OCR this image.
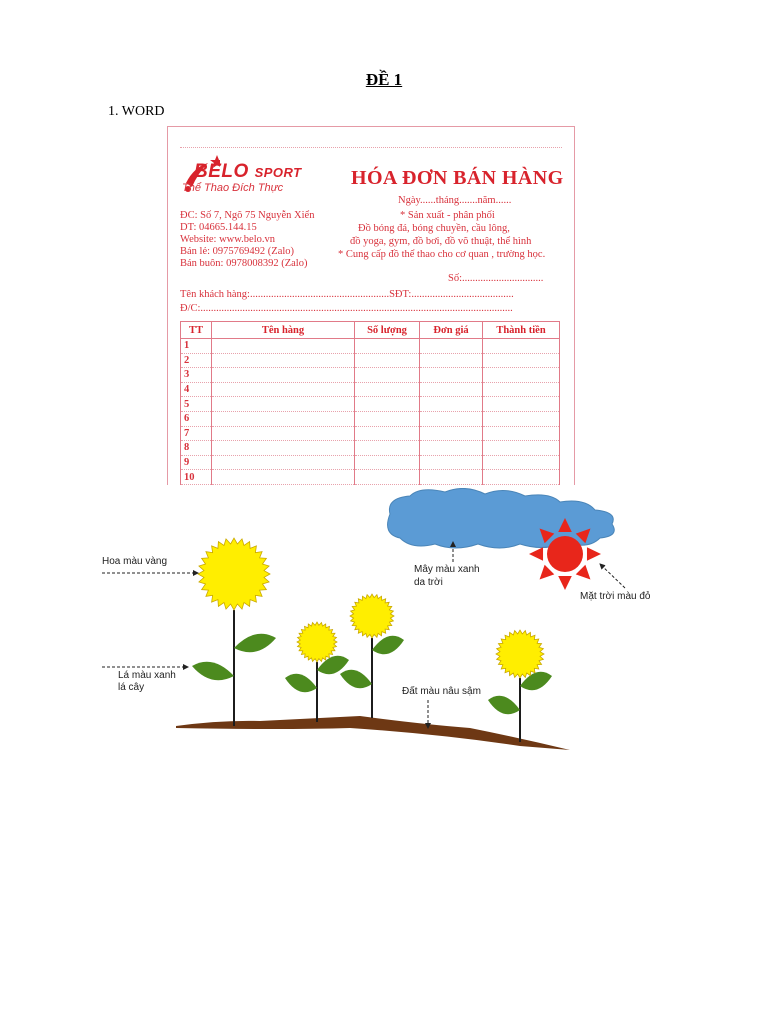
ĐỀ 1
1. WORD
BELO SPORT
Thể Thao Đích Thực	HÓA ĐƠN BÁN HÀNG
Ngày......tháng.......năm......
ĐC: Số 7, Ngõ 75 Nguyễn Xiển
DT: 04665.144.15
Website: www.belo.vn
Bán lẻ: 0975769492 (Zalo)
Bán buôn: 0978008392 (Zalo)
* Sản xuất - phân phối
Đồ bóng đá, bóng chuyền, cầu lông,
đồ yoga, gym, đồ bơi, đồ võ thuật, thể hình
* Cung cấp đồ thể thao cho cơ quan , trường học.
Số:...............................
Tên khách hàng:.....................................................SĐT:.......................................
Đ/C:.......................................................................................................................
TT	Tên hàng	Số lượng	Đơn giá	Thành tiền
1				
2				
3				
4				
5				
6				
7				
8				
9				
10				
Hoa màu vàng
Lá màu xanh
lá cây
Mây màu xanh
da trời
Mặt trời màu đỏ
Đất màu nâu sậm
